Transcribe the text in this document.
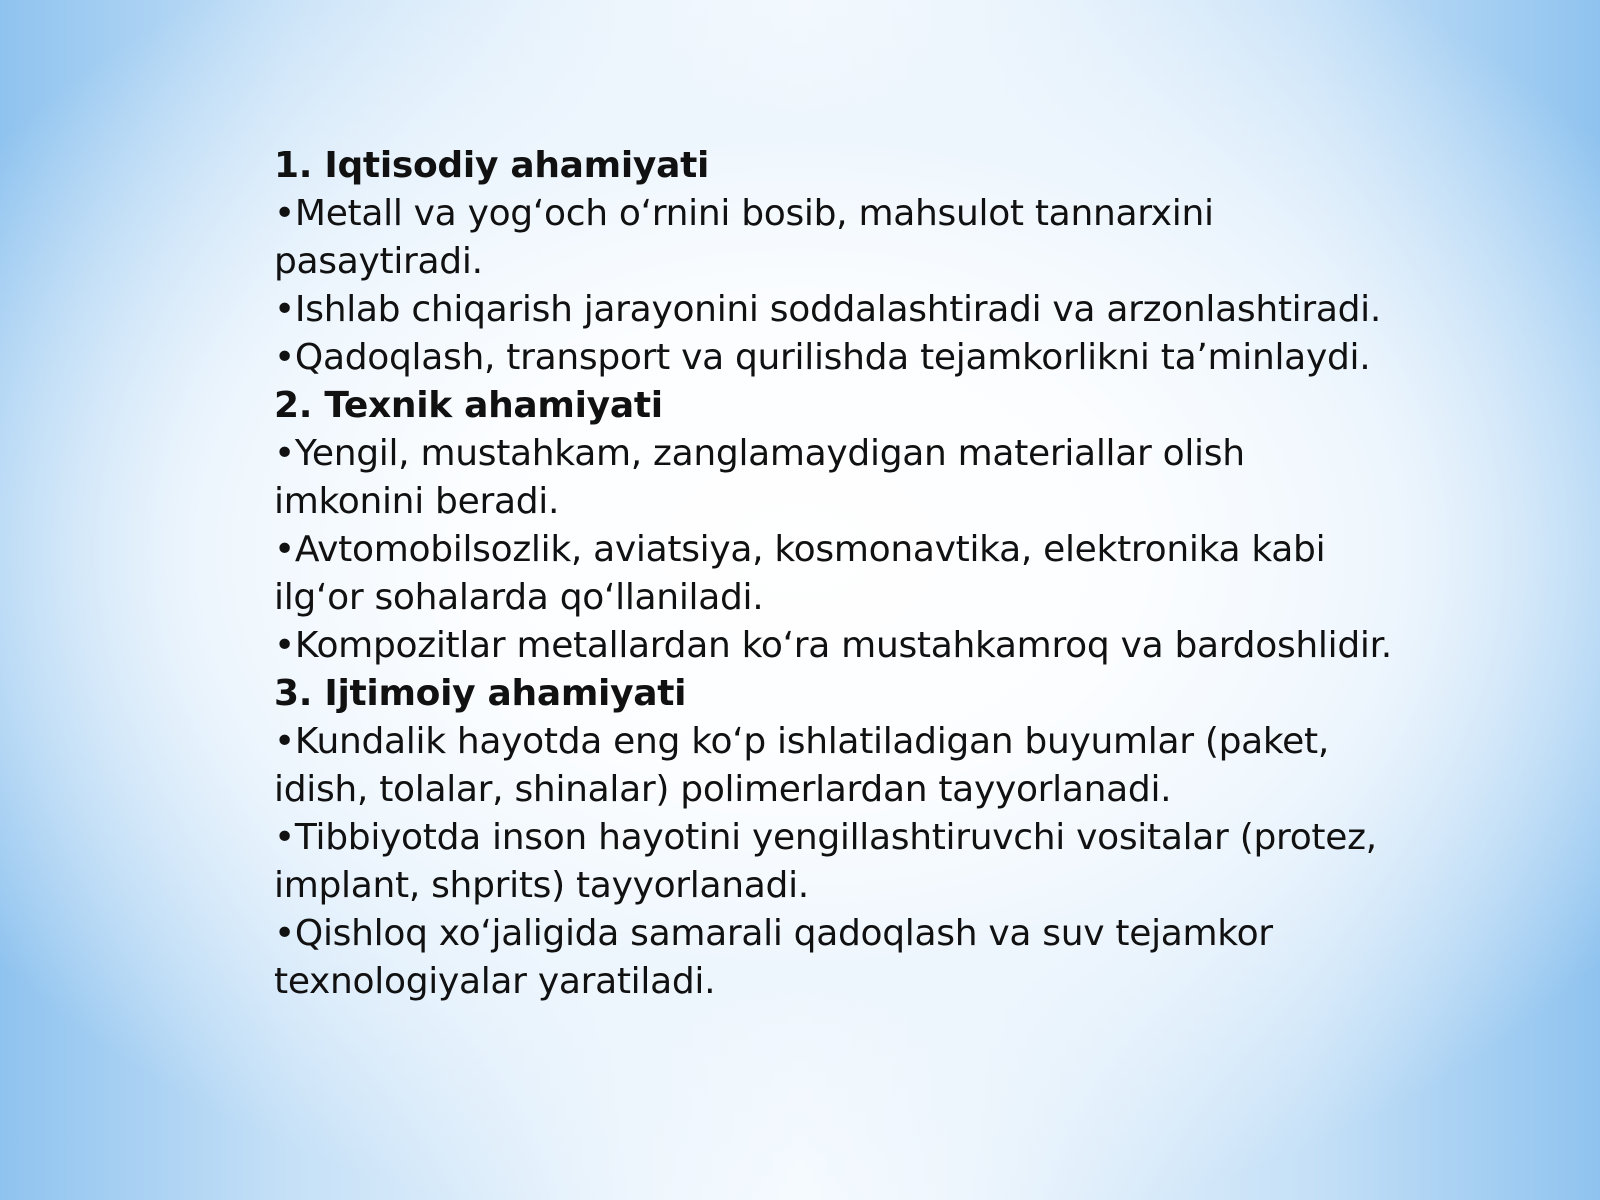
1. Iqtisodiy ahamiyati

•Metall va yog‘och o‘rnini bosib, mahsulot tannarxini pasaytiradi.

•Ishlab chiqarish jarayonini soddalashtiradi va arzonlashtiradi.

•Qadoqlash, transport va qurilishda tejamkorlikni ta’minlaydi.

2. Texnik ahamiyati

•Yengil, mustahkam, zanglamaydigan materiallar olish imkonini beradi.

•Avtomobilsozlik, aviatsiya, kosmonavtika, elektronika kabi ilg‘or sohalarda qo‘llaniladi.

•Kompozitlar metallardan ko‘ra mustahkamroq va bardoshlidir.

3. Ijtimoiy ahamiyati

•Kundalik hayotda eng ko‘p ishlatiladigan buyumlar (paket, idish, tolalar, shinalar) polimerlardan tayyorlanadi.

•Tibbiyotda inson hayotini yengillashtiruvchi vositalar (protez, implant, shprits) tayyorlanadi.

•Qishloq xo‘jaligida samarali qadoqlash va suv tejamkor texnologiyalar yaratiladi.
